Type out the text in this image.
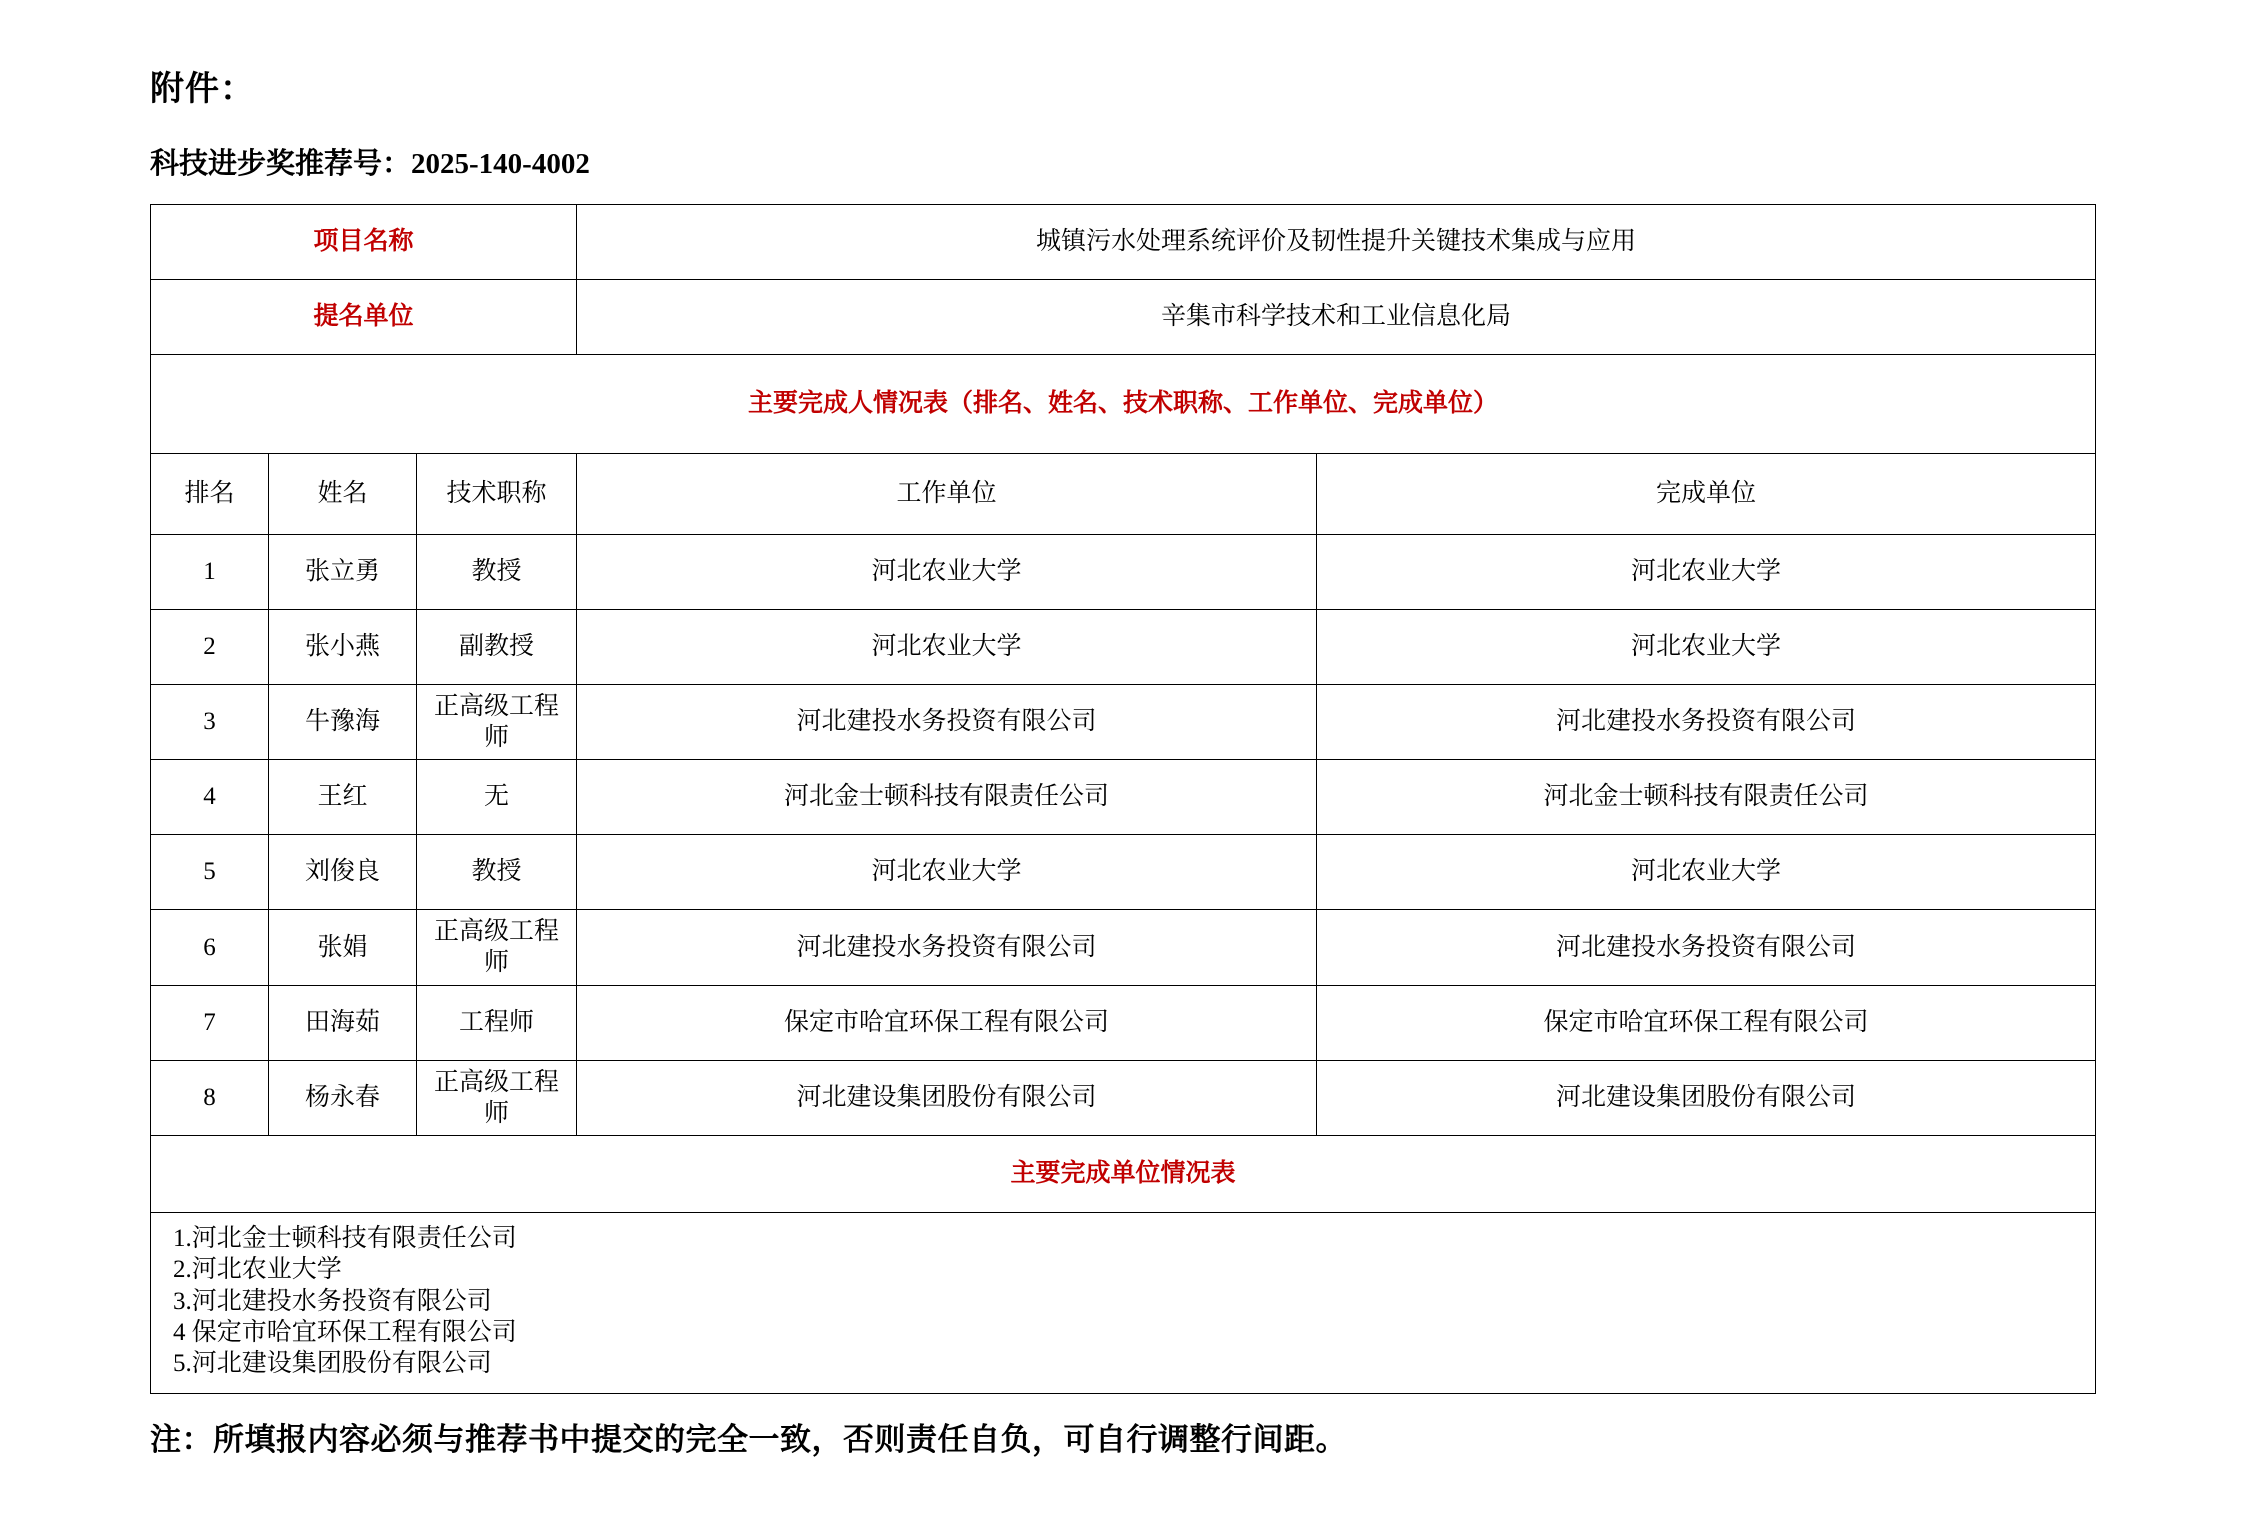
附件：
科技进步奖推荐号：2025-140-4002
项目名称			城镇污水处理系统评价及韧性提升关键技术集成与应用	
提名单位			辛集市科学技术和工业信息化局	
主要完成人情况表（排名、姓名、技术职称、工作单位、完成单位）				
排名	姓名	技术职称	工作单位	完成单位
1	张立勇	教授	河北农业大学	河北农业大学
2	张小燕	副教授	河北农业大学	河北农业大学
3	牛豫海	正高级工程师	河北建投水务投资有限公司	河北建投水务投资有限公司
4	王红	无	河北金士顿科技有限责任公司	河北金士顿科技有限责任公司
5	刘俊良	教授	河北农业大学	河北农业大学
6	张娟	正高级工程师	河北建投水务投资有限公司	河北建投水务投资有限公司
7	田海茹	工程师	保定市哈宜环保工程有限公司	保定市哈宜环保工程有限公司
8	杨永春	正高级工程师	河北建设集团股份有限公司	河北建设集团股份有限公司
主要完成单位情况表				

1.河北金士顿科技有限责任公司
2.河北农业大学
3.河北建投水务投资有限公司
4 保定市哈宜环保工程有限公司
5.河北建设集团股份有限公司				
注：所填报内容必须与推荐书中提交的完全一致，否则责任自负，可自行调整行间距。
